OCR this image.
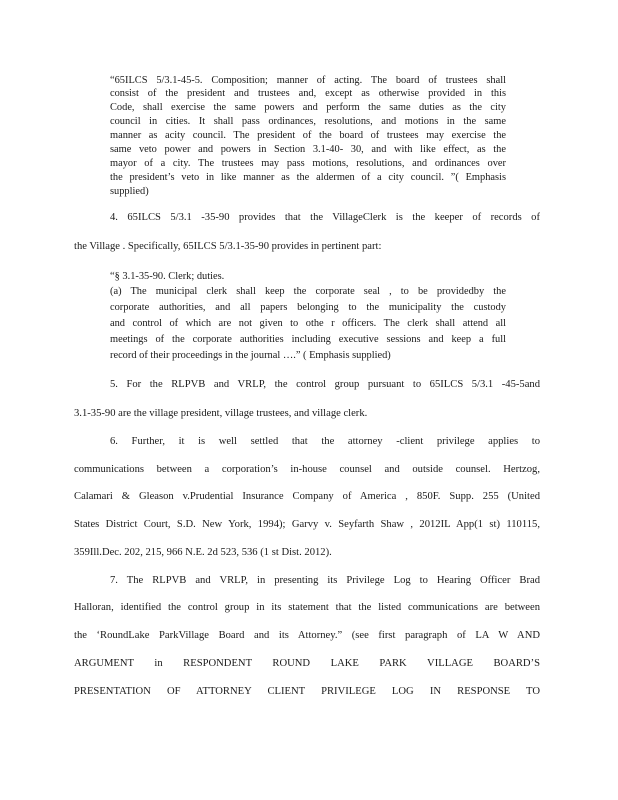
“65ILCS 5/3.1-45-5. Composition; manner of acting. The board of trustees shall
consist of the president and trustees and, except as otherwise provided in this
Code, shall exercise the same powers and perform the same duties as the city
council in cities. It shall pass ordinances, resolutions, and motions in the same
manner as acity council. The president of the board of trustees may exercise the
same veto power and powers in Section 3.1-40- 30, and with like effect, as the
mayor of a city. The trustees may pass motions, resolutions, and ordinances over
the president’s veto in like manner as the aldermen of a city council. ”( Emphasis
supplied)
4. 65ILCS 5/3.1 -35-90 provides that the VillageClerk is the keeper of records of
the Village . Specifically, 65ILCS 5/3.1-35-90 provides in pertinent part:
“§ 3.1-35-90. Clerk; duties.
(a) The municipal clerk shall keep the corporate seal , to be providedby the
corporate authorities, and all papers belonging to the municipality the custody
and control of which are not given to othe r officers. The clerk shall attend all
meetings of the corporate authorities including executive sessions and keep a full
record of their proceedings in the journal ….” ( Emphasis supplied)
5. For the RLPVB and VRLP, the control group pursuant to 65ILCS 5/3.1 -45-5and
3.1-35-90 are the village president, village trustees, and village clerk.
6. Further, it is well settled that the attorney -client privilege applies to
communications between a corporation’s in-house counsel and outside counsel. Hertzog,
Calamari & Gleason v.Prudential Insurance Company of America , 850F. Supp. 255 (United
States District Court, S.D. New York, 1994); Garvy v. Seyfarth Shaw , 2012IL App(1 st) 110115,
359Ill.Dec. 202, 215, 966 N.E. 2d 523, 536 (1 st Dist. 2012).
7. The RLPVB and VRLP, in presenting its Privilege Log to Hearing Officer Brad
Halloran, identified the control group in its statement that the listed communications are between
the ‘RoundLake ParkVillage Board and its Attorney.” (see first paragraph of LA W AND
ARGUMENT in RESPONDENT ROUND LAKE PARK VILLAGE BOARD’S
PRESENTATION OF ATTORNEY CLIENT PRIVILEGE LOG IN RESPONSE TO
